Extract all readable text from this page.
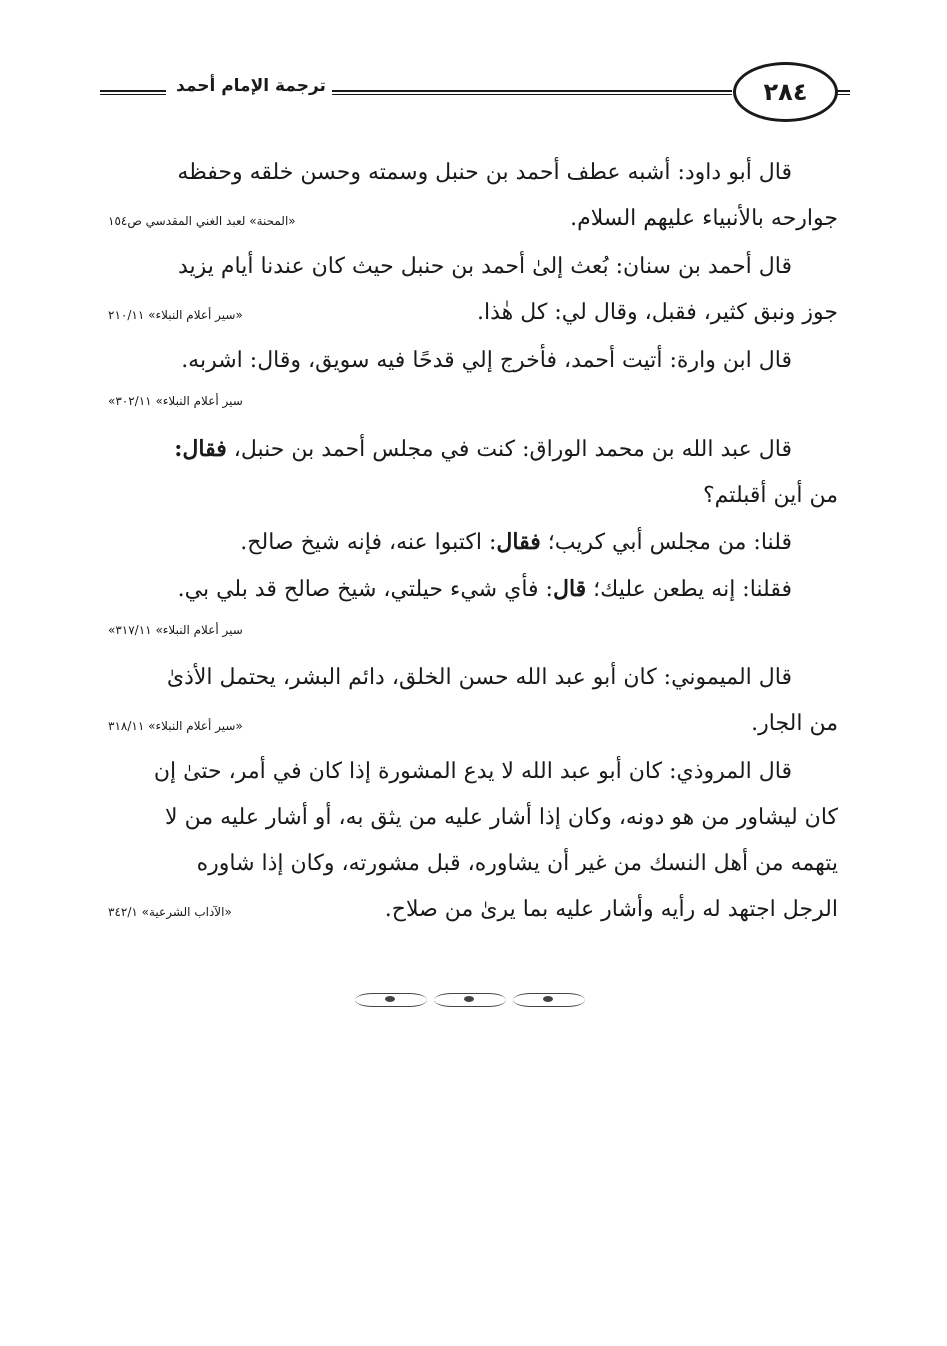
ترجمة الإمام أحمد	٢٨٤

قال أبو داود: أشبه عطف أحمد بن حنبل وسمته وحسن خلقه وحفظه

جوارحه بالأنبياء عليهم السلام.
«المحنة» لعبد الغني المقدسي ص١٥٤

قال أحمد بن سنان: بُعث إلىٰ أحمد بن حنبل حيث كان عندنا أيام يزيد

جوز ونبق كثير، فقبل، وقال لي: كل هٰذا.
«سير أعلام النبلاء» ٢١٠/١١

قال ابن وارة: أتيت أحمد، فأخرج إلي قدحًا فيه سويق، وقال: اشربه.

«سير أعلام النبلاء» ٣٠٢/١١

قال عبد الله بن محمد الوراق: كنت في مجلس أحمد بن حنبل، فقال:

من أين أقبلتم؟

قلنا: من مجلس أبي كريب؛ فقال: اكتبوا عنه، فإنه شيخ صالح.

فقلنا: إنه يطعن عليك؛ قال: فأي شيء حيلتي، شيخ صالح قد بلي بي.

«سير أعلام النبلاء» ٣١٧/١١

قال الميموني: كان أبو عبد الله حسن الخلق، دائم البشر، يحتمل الأذىٰ

من الجار.
«سير أعلام النبلاء» ٣١٨/١١

قال المروذي: كان أبو عبد الله لا يدع المشورة إذا كان في أمر، حتىٰ إن

كان ليشاور من هو دونه، وكان إذا أشار عليه من يثق به، أو أشار عليه من لا

يتهمه من أهل النسك من غير أن يشاوره، قبل مشورته، وكان إذا شاوره

الرجل اجتهد له رأيه وأشار عليه بما يرىٰ من صلاح.
«الآداب الشرعية» ٣٤٢/١
